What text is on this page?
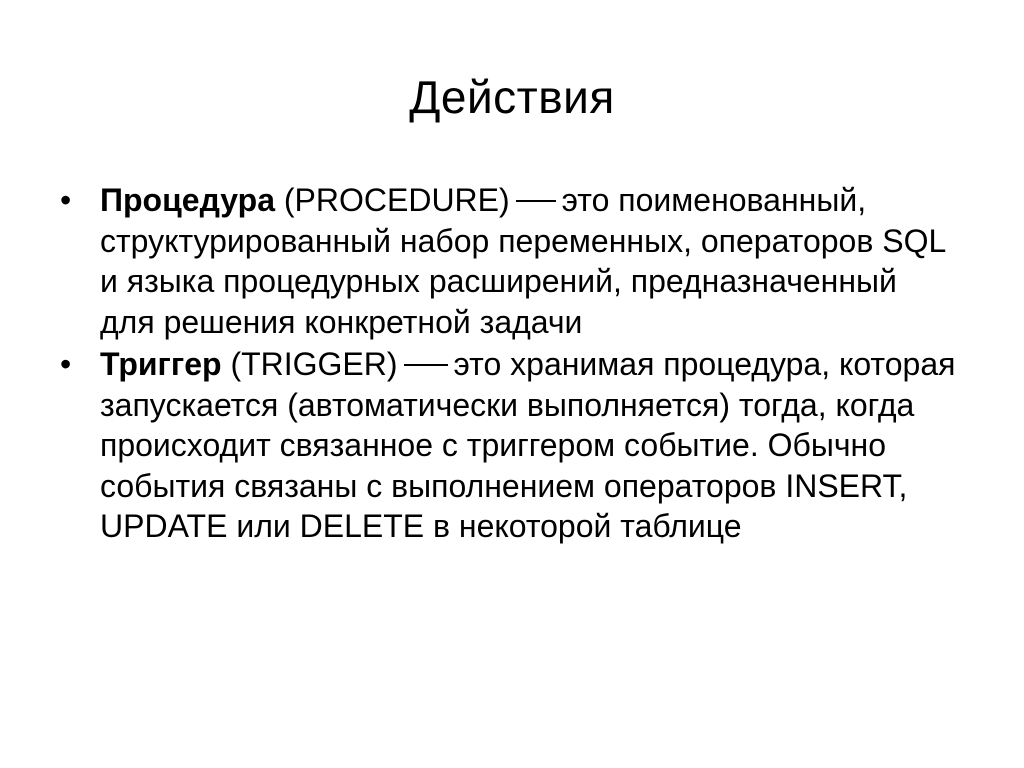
Действия
• Процедура (PROCEDURE) это поименованный, структурированный набор переменных, операторов SQL и языка процедурных расширений, предназначенный для решения конкретной задачи
• Триггер (TRIGGER) это хранимая процедура, которая запускается (автоматически выполняется) тогда, когда происходит связанное с триггером событие. Обычно события связаны с выполнением операторов INSERT, UPDATE или DELETE в некоторой таблице
